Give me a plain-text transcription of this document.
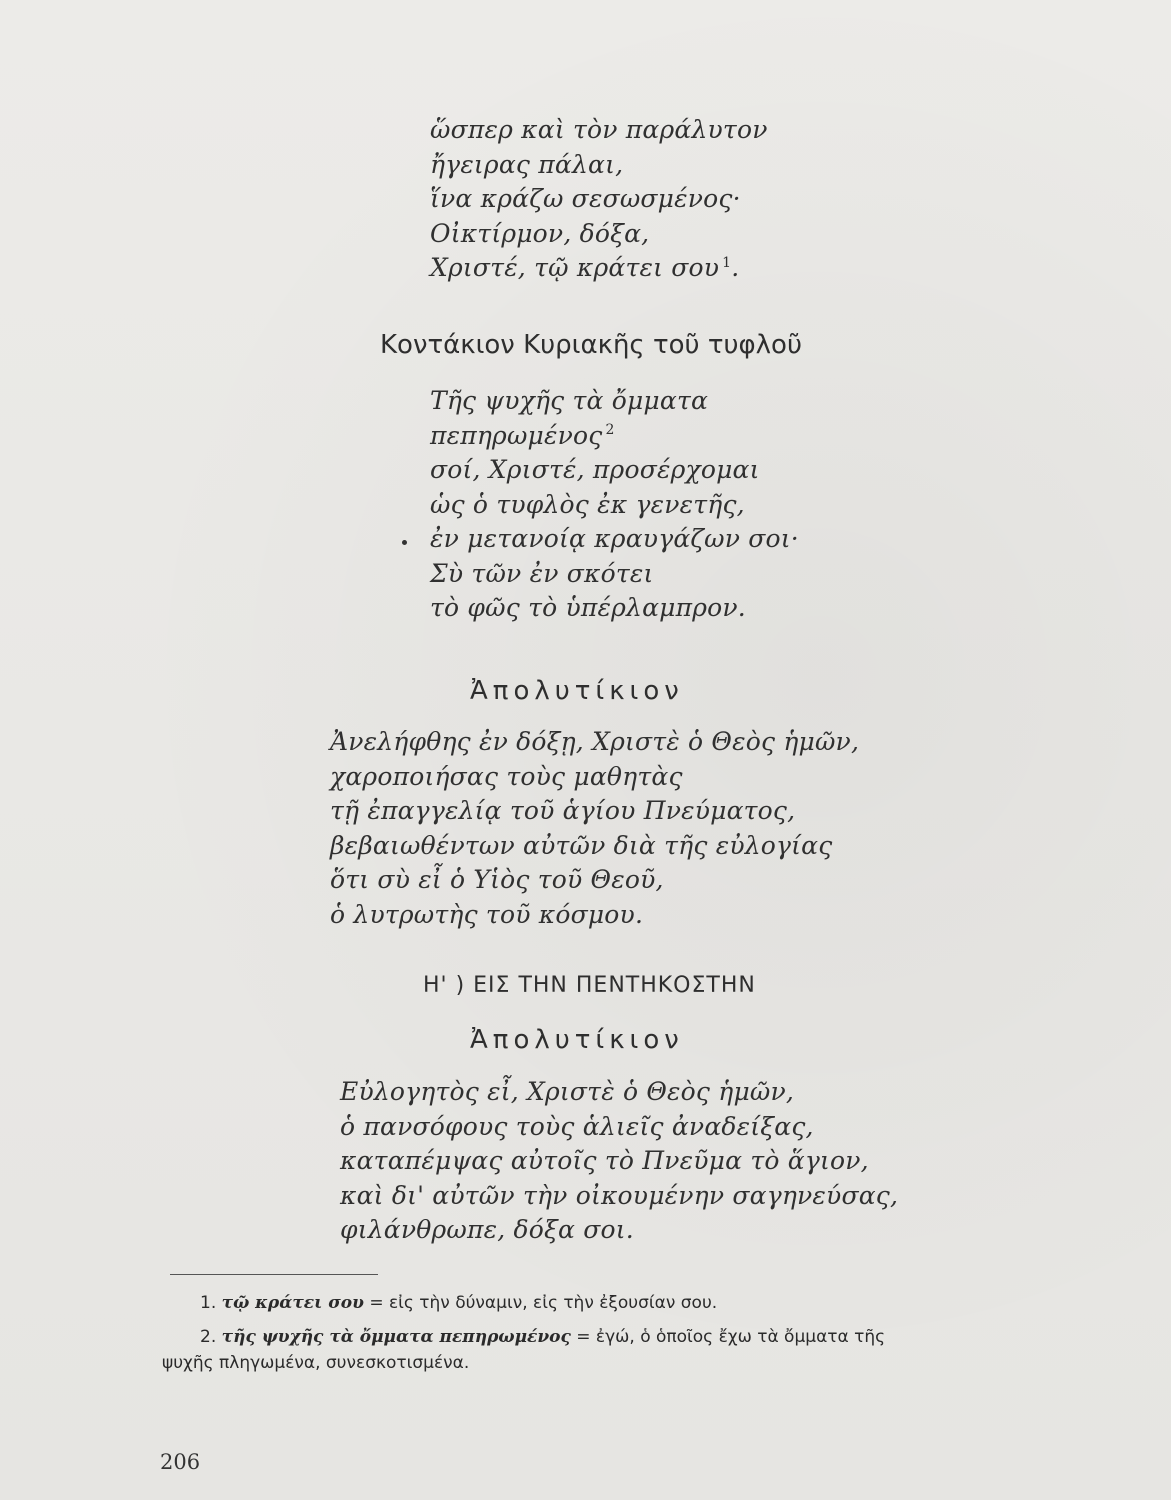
ὥσπερ καὶ τὸν παράλυτον
ἤγειρας πάλαι,
ἵνα κράζω σεσωσμένος·
Οἰκτίρμον, δόξα,
Χριστέ, τῷ κράτει σου $^1$.
Κοντάκιον Κυριακῆς τοῦ τυφλοῦ
Τῆς ψυχῆς τὰ ὄμματα
πεπηρωμένος $^2$
σοί, Χριστέ, προσέρχομαι
ὡς ὁ τυφλὸς ἐκ γενετῆς,
ἐν μετανοίᾳ κραυγάζων σοι·
Σὺ τῶν ἐν σκότει
τὸ φῶς τὸ ὑπέρλαμπρον.
Ἀπολυτίκιον
Ἀνελήφθης ἐν δόξῃ, Χριστὲ ὁ Θεὸς ἡμῶν,
χαροποιήσας τοὺς μαθητὰς
τῇ ἐπαγγελίᾳ τοῦ ἁγίου Πνεύματος,
βεβαιωθέντων αὐτῶν διὰ τῆς εὐλογίας
ὅτι σὺ εἶ ὁ Υἱὸς τοῦ Θεοῦ,
ὁ λυτρωτὴς τοῦ κόσμου.
Η' ) ΕΙΣ ΤΗΝ ΠΕΝΤΗΚΟΣΤΗΝ
Ἀπολυτίκιον
Εὐλογητὸς εἶ, Χριστὲ ὁ Θεὸς ἡμῶν,
ὁ πανσόφους τοὺς ἁλιεῖς ἀναδείξας,
καταπέμψας αὐτοῖς τὸ Πνεῦμα τὸ ἅγιον,
καὶ δι' αὐτῶν τὴν οἰκουμένην σαγηνεύσας,
φιλάνθρωπε, δόξα σοι.
1. τῷ κράτει σου = εἰς τὴν δύναμιν, εἰς τὴν ἐξουσίαν σου.
2. τῆς ψυχῆς τὰ ὄμματα πεπηρωμένος = ἐγώ, ὁ ὁποῖος ἔχω τὰ ὄμματα τῆς
ψυχῆς πληγωμένα, συνεσκοτισμένα.
206
